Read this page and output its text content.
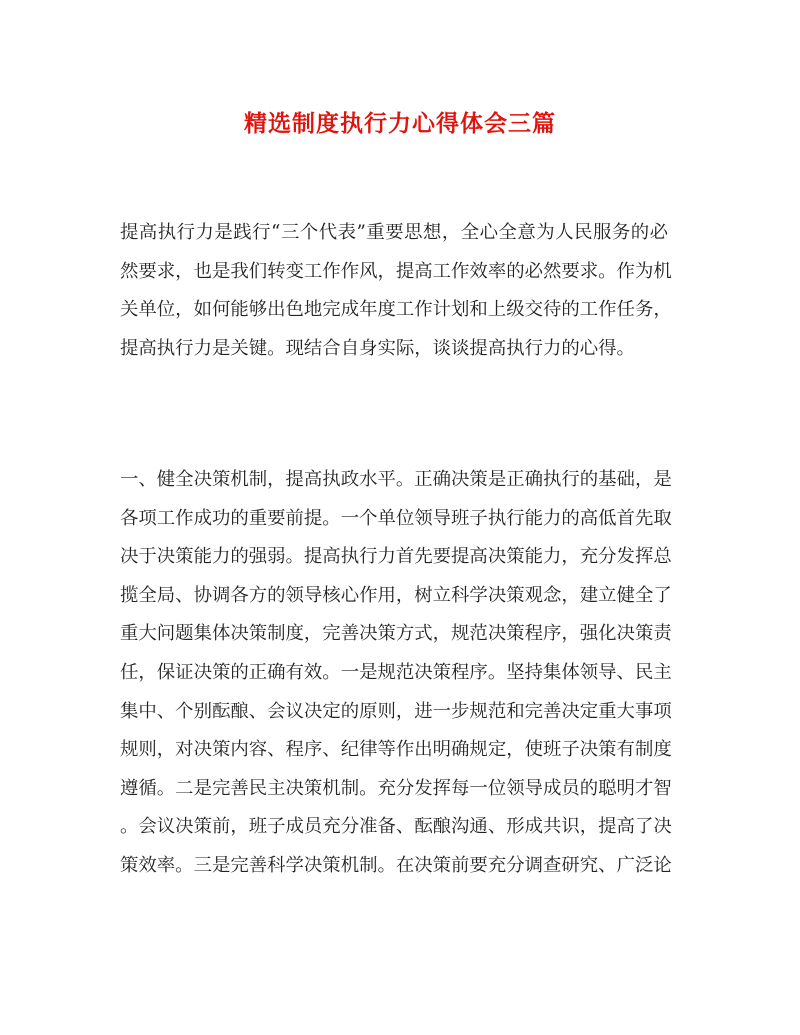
精选制度执行力心得体会三篇

提高执行力是践行“三个代表”重要思想，全心全意为人民服务的必
然要求，也是我们转变工作作风，提高工作效率的必然要求。作为机
关单位，如何能够出色地完成年度工作计划和上级交待的工作任务，
提高执行力是关键。现结合自身实际，谈谈提高执行力的心得。

一、健全决策机制，提高执政水平。正确决策是正确执行的基础，是
各项工作成功的重要前提。一个单位领导班子执行能力的高低首先取
决于决策能力的强弱。提高执行力首先要提高决策能力，充分发挥总
揽全局、协调各方的领导核心作用，树立科学决策观念，建立健全了
重大问题集体决策制度，完善决策方式，规范决策程序，强化决策责
任，保证决策的正确有效。一是规范决策程序。坚持集体领导、民主
集中、个别酝酿、会议决定的原则，进一步规范和完善决定重大事项
规则，对决策内容、程序、纪律等作出明确规定，使班子决策有制度
遵循。二是完善民主决策机制。充分发挥每一位领导成员的聪明才智
。会议决策前，班子成员充分准备、酝酿沟通、形成共识，提高了决
策效率。三是完善科学决策机制。在决策前要充分调查研究、广泛论
